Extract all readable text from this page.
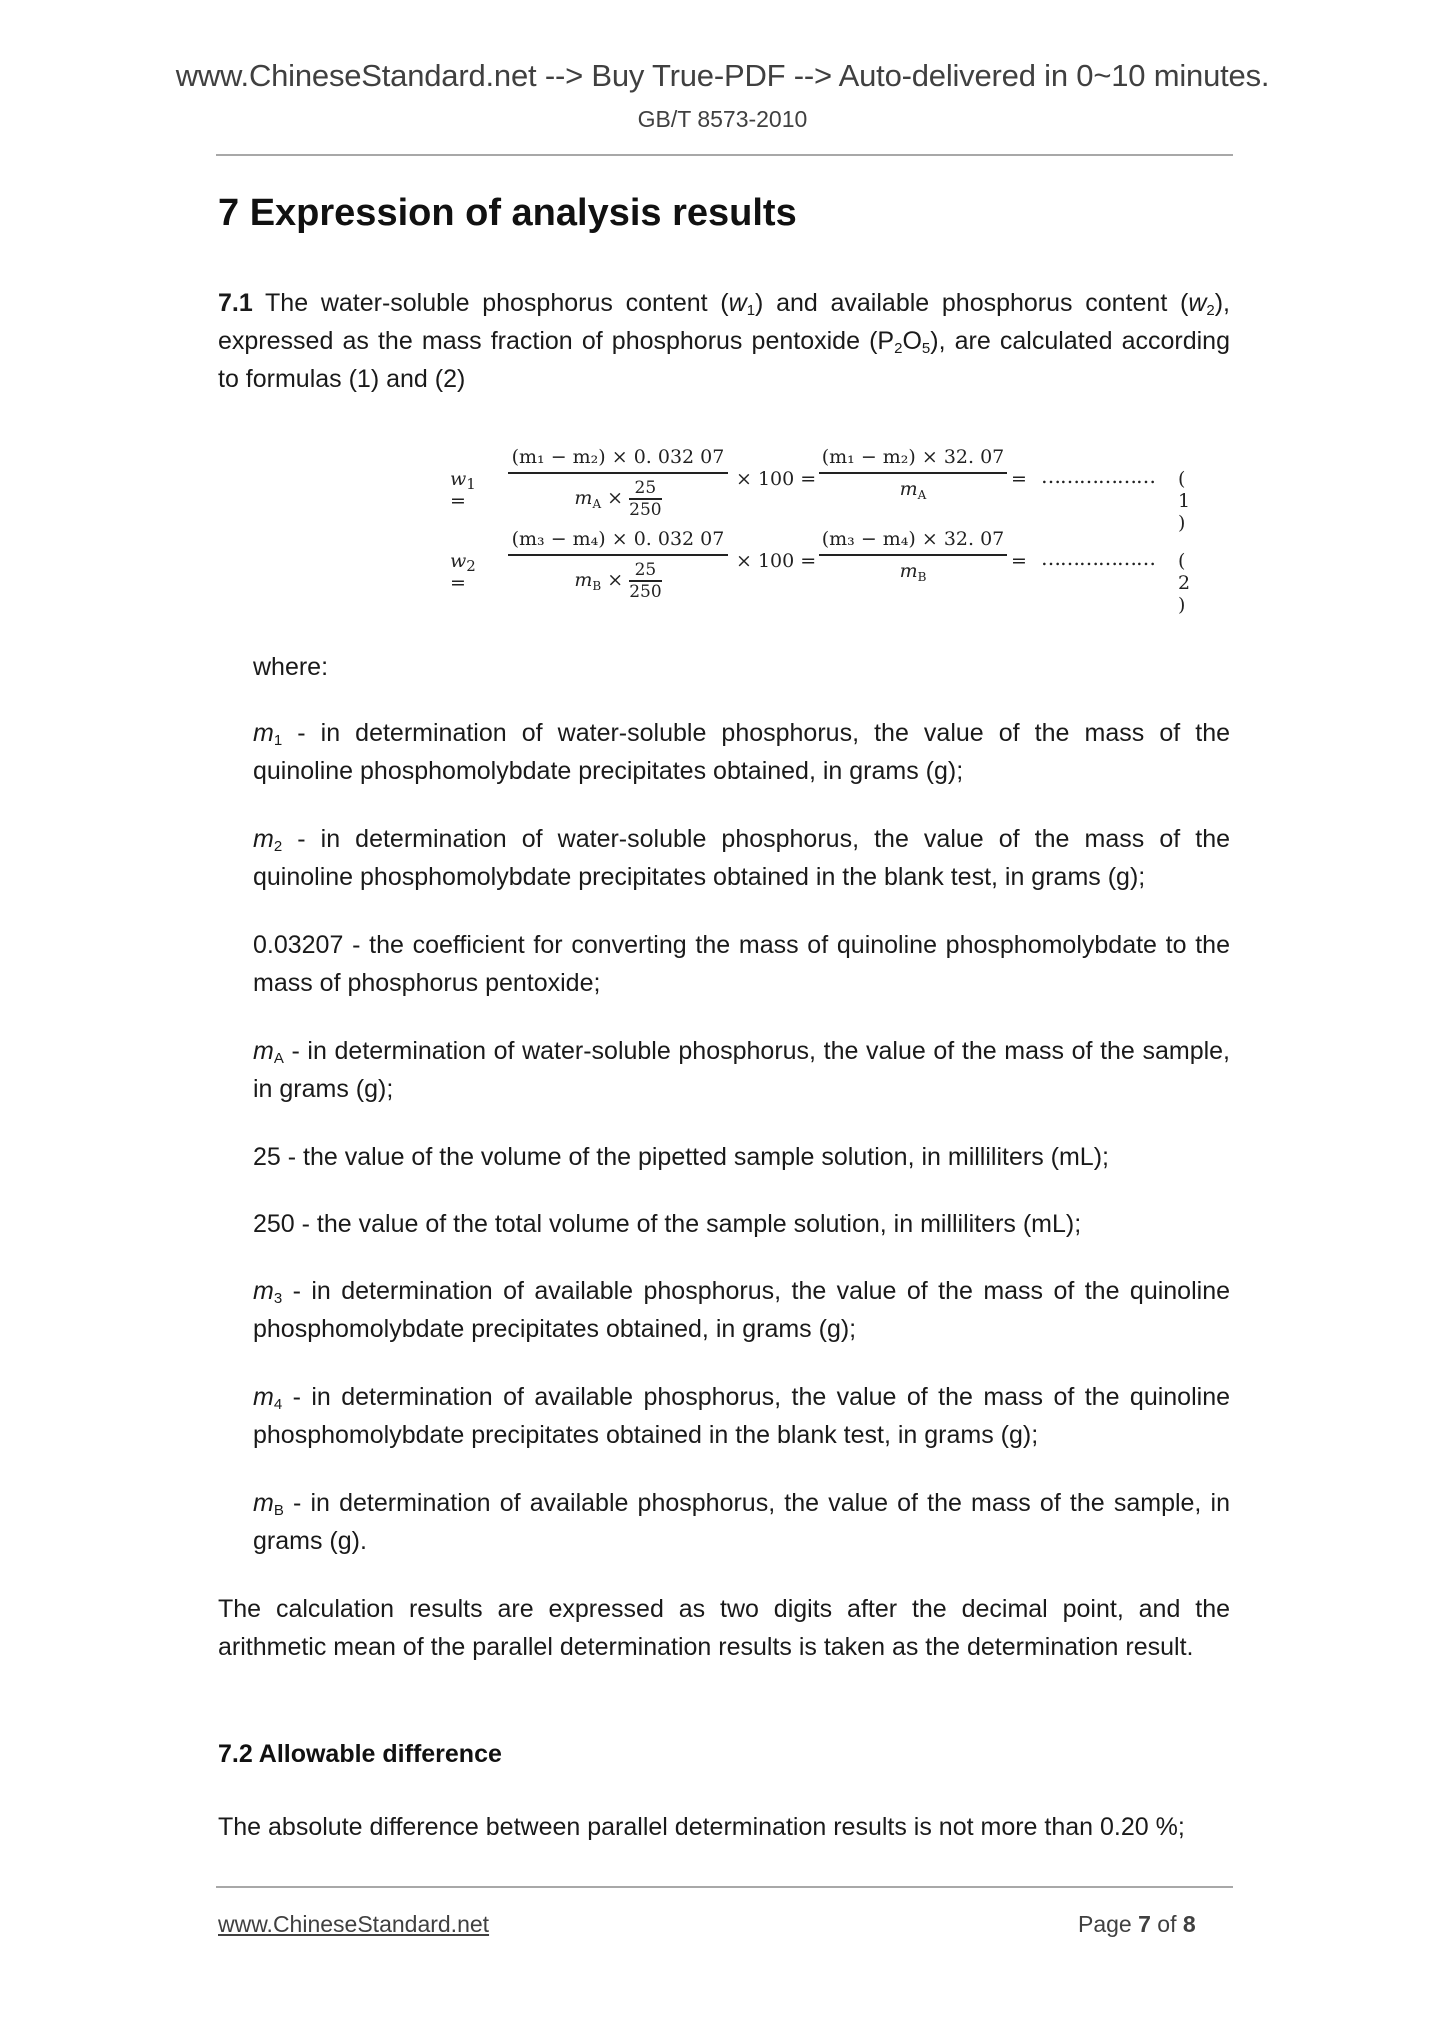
www.ChineseStandard.net --> Buy True-PDF --> Auto-delivered in 0~10 minutes.
GB/T 8573-2010
7 Expression of analysis results
7.1 The water-soluble phosphorus content $(w_1)$ and available phosphorus content $(w_2)$, expressed as the mass fraction of phosphorus pentoxide $(P_2O_5)$, are calculated according to formulas (1) and (2)
$w_1$ =
(m₁ − m₂) × 0. 032 07
$m_A \times \frac{25}{250}$	× 100 =
(m₁ − m₂) × 32. 07
$m_A$
= ……………… ( 1 )
$w_2$ =
(m₃ − m₄) × 0. 032 07
$m_B \times \frac{25}{250}$	× 100 =
(m₃ − m₄) × 32. 07
$m_B$
= ……………… ( 2 )
where:
$m_1$ - in determination of water-soluble phosphorus, the value of the mass of the quinoline phosphomolybdate precipitates obtained, in grams (g);
$m_2$ - in determination of water-soluble phosphorus, the value of the mass of the quinoline phosphomolybdate precipitates obtained in the blank test, in grams (g);
0.03207 - the coefficient for converting the mass of quinoline phosphomolybdate to the mass of phosphorus pentoxide;
$m_A$ - in determination of water-soluble phosphorus, the value of the mass of the sample, in grams (g);
25 - the value of the volume of the pipetted sample solution, in milliliters (mL);
250 - the value of the total volume of the sample solution, in milliliters (mL);
$m_3$ - in determination of available phosphorus, the value of the mass of the quinoline phosphomolybdate precipitates obtained, in grams (g);
$m_4$ - in determination of available phosphorus, the value of the mass of the quinoline phosphomolybdate precipitates obtained in the blank test, in grams (g);
$m_B$ - in determination of available phosphorus, the value of the mass of the sample, in grams (g).
The calculation results are expressed as two digits after the decimal point, and the arithmetic mean of the parallel determination results is taken as the determination result.
7.2 Allowable difference
The absolute difference between parallel determination results is not more than 0.20 %;
www.ChineseStandard.net	Page 7 of 8
